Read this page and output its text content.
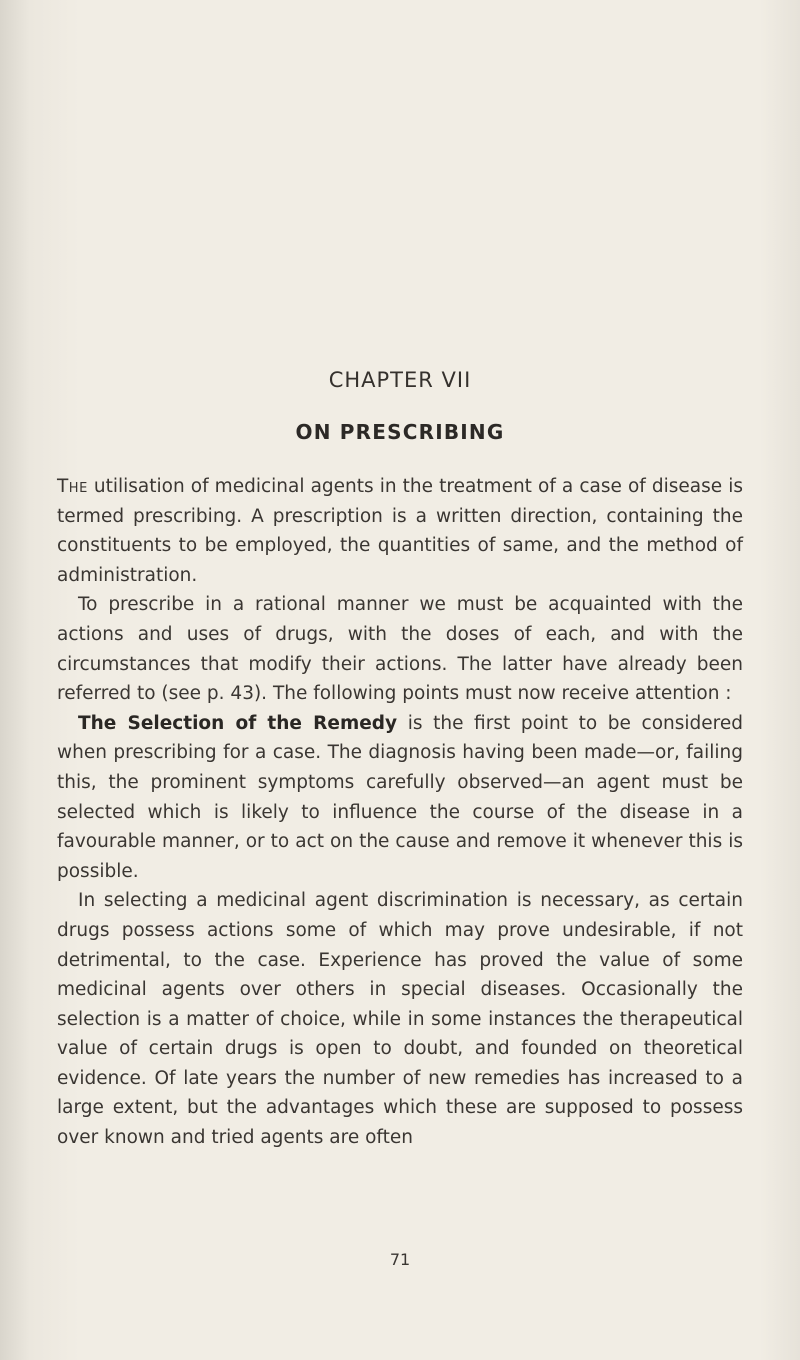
CHAPTER VII
ON PRESCRIBING

The utilisation of medicinal agents in the treatment of a case of disease is termed prescribing. A prescription is a written direction, containing the constituents to be employed, the quantities of same, and the method of administration.

To prescribe in a rational manner we must be acquainted with the actions and uses of drugs, with the doses of each, and with the circumstances that modify their actions. The latter have already been referred to (see p. 43). The following points must now receive attention :

The Selection of the Remedy is the first point to be considered when prescribing for a case. The diagnosis having been made—or, failing this, the prominent symptoms carefully observed—an agent must be selected which is likely to influence the course of the disease in a favourable manner, or to act on the cause and remove it whenever this is possible.

In selecting a medicinal agent discrimination is necessary, as certain drugs possess actions some of which may prove undesirable, if not detrimental, to the case. Experience has proved the value of some medicinal agents over others in special diseases. Occasionally the selection is a matter of choice, while in some instances the therapeutical value of certain drugs is open to doubt, and founded on theoretical evidence. Of late years the number of new remedies has increased to a large extent, but the advantages which these are supposed to possess over known and tried agents are often

71
